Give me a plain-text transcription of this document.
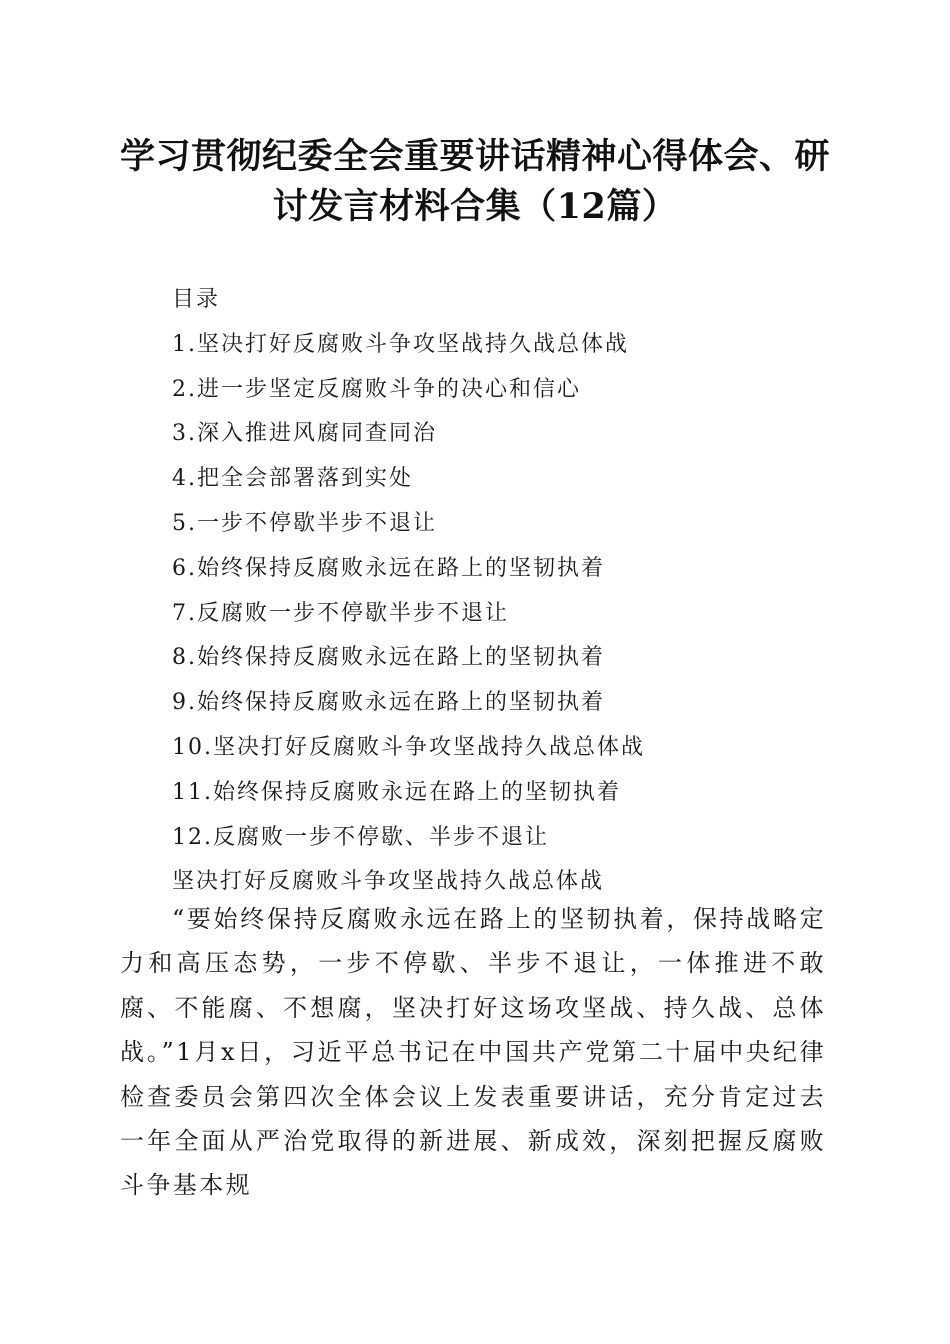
学习贯彻纪委全会重要讲话精神心得体会、研讨发言材料合集（12篇）
目录
1.坚决打好反腐败斗争攻坚战持久战总体战
2.进一步坚定反腐败斗争的决心和信心
3.深入推进风腐同查同治
4.把全会部署落到实处
5.一步不停歇半步不退让
6.始终保持反腐败永远在路上的坚韧执着
7.反腐败一步不停歇半步不退让
8.始终保持反腐败永远在路上的坚韧执着
9.始终保持反腐败永远在路上的坚韧执着
10.坚决打好反腐败斗争攻坚战持久战总体战
11.始终保持反腐败永远在路上的坚韧执着
12.反腐败一步不停歇、半步不退让
坚决打好反腐败斗争攻坚战持久战总体战

“要始终保持反腐败永远在路上的坚韧执着，保持战略定力和高压态势，一步不停歇、半步不退让，一体推进不敢腐、不能腐、不想腐，坚决打好这场攻坚战、持久战、总体战。”1月x日，习近平总书记在中国共产党第二十届中央纪律检查委员会第四次全体会议上发表重要讲话，充分肯定过去一年全面从严治党取得的新进展、新成效，深刻把握反腐败斗争基本规
